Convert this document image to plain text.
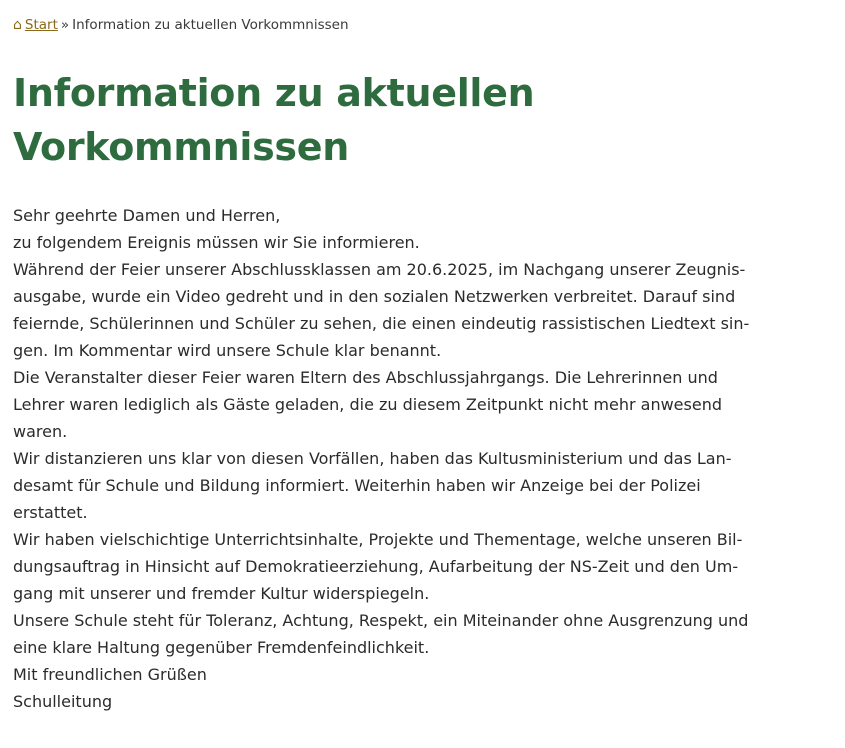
⌂ Start » Information zu aktuellen Vorkommnissen
Information zu aktuellen
Vorkommnissen
Sehr geehrte Damen und Herren,
zu folgendem Ereignis müssen wir Sie informieren.
Während der Feier unserer Abschlussklassen am 20.6.2025, im Nachgang unserer Zeugnis-
ausgabe, wurde ein Video gedreht und in den sozialen Netzwerken verbreitet. Darauf sind
feiernde, Schülerinnen und Schüler zu sehen, die einen eindeutig rassistischen Liedtext sin-
gen. Im Kommentar wird unsere Schule klar benannt.
Die Veranstalter dieser Feier waren Eltern des Abschlussjahrgangs. Die Lehrerinnen und
Lehrer waren lediglich als Gäste geladen, die zu diesem Zeitpunkt nicht mehr anwesend
waren.
Wir distanzieren uns klar von diesen Vorfällen, haben das Kultusministerium und das Lan-
desamt für Schule und Bildung informiert. Weiterhin haben wir Anzeige bei der Polizei
erstattet.
Wir haben vielschichtige Unterrichtsinhalte, Projekte und Thementage, welche unseren Bil-
dungsauftrag in Hinsicht auf Demokratieerziehung, Aufarbeitung der NS-Zeit und den Um-
gang mit unserer und fremder Kultur widerspiegeln.
Unsere Schule steht für Toleranz, Achtung, Respekt, ein Miteinander ohne Ausgrenzung und
eine klare Haltung gegenüber Fremdenfeindlichkeit.
Mit freundlichen Grüßen
Schulleitung
